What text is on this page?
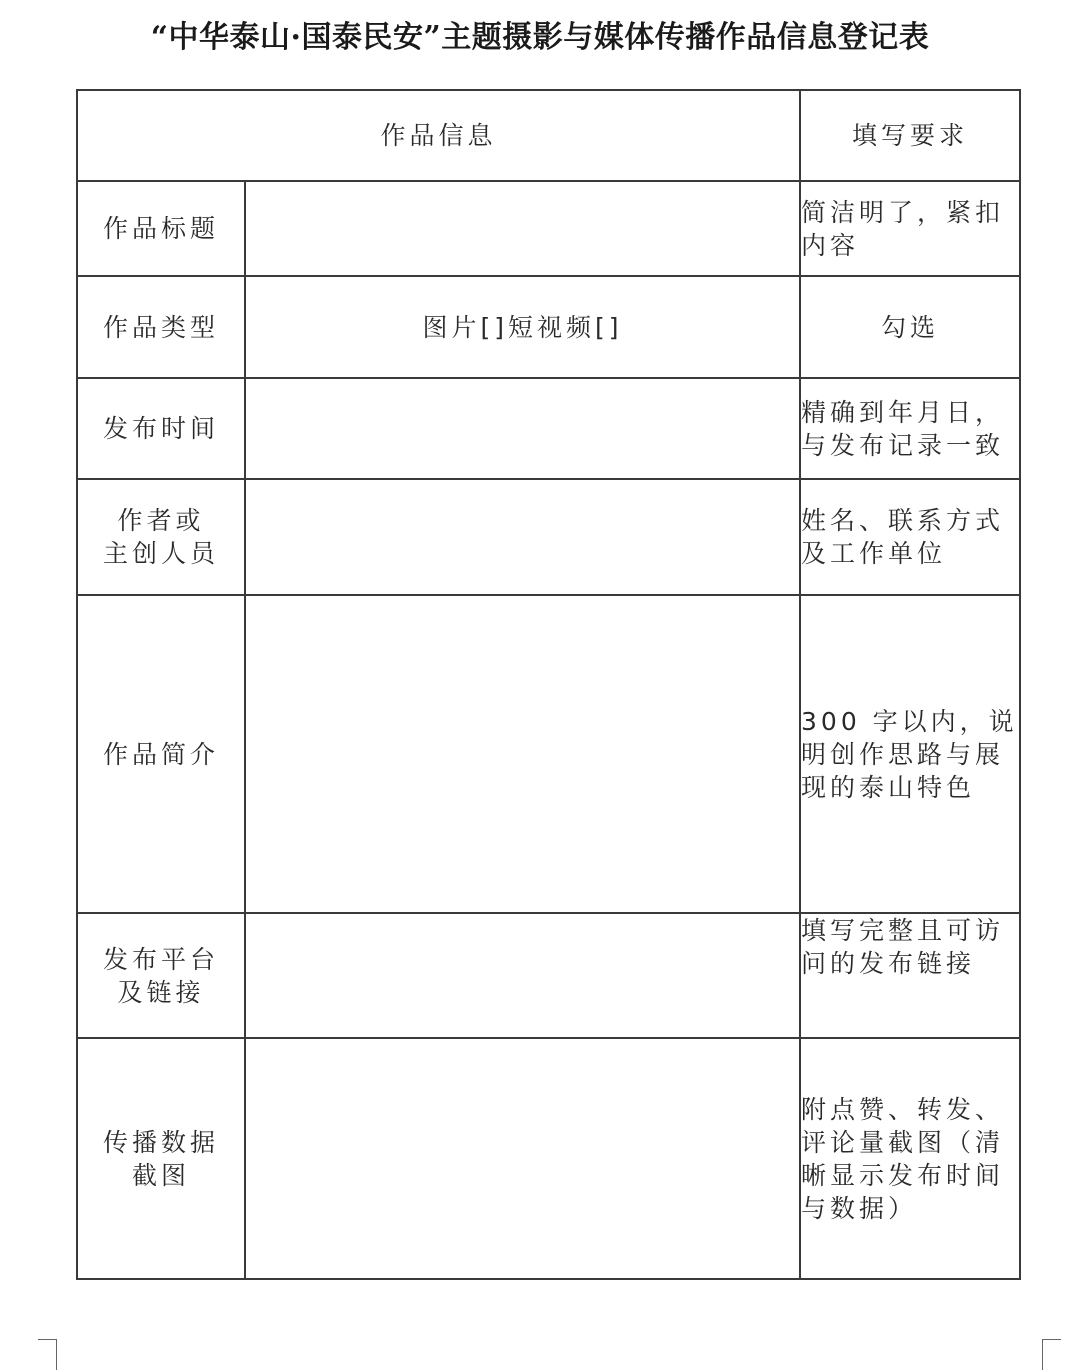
“中华泰山·国泰民安”主题摄影与媒体传播作品信息登记表
作品信息		填写要求
作品标题		简洁明了，紧扣内容
作品类型	图片[]短视频[]	勾选
发布时间		精确到年月日，与发布记录一致

作者或
主创人员		姓名、联系方式及工作单位
作品简介		300 字以内，说明创作思路与展现的泰山特色

发布平台
及链接		填写完整且可访问的发布链接

传播数据
截图		附点赞、转发、评论量截图（清晰显示发布时间与数据）
